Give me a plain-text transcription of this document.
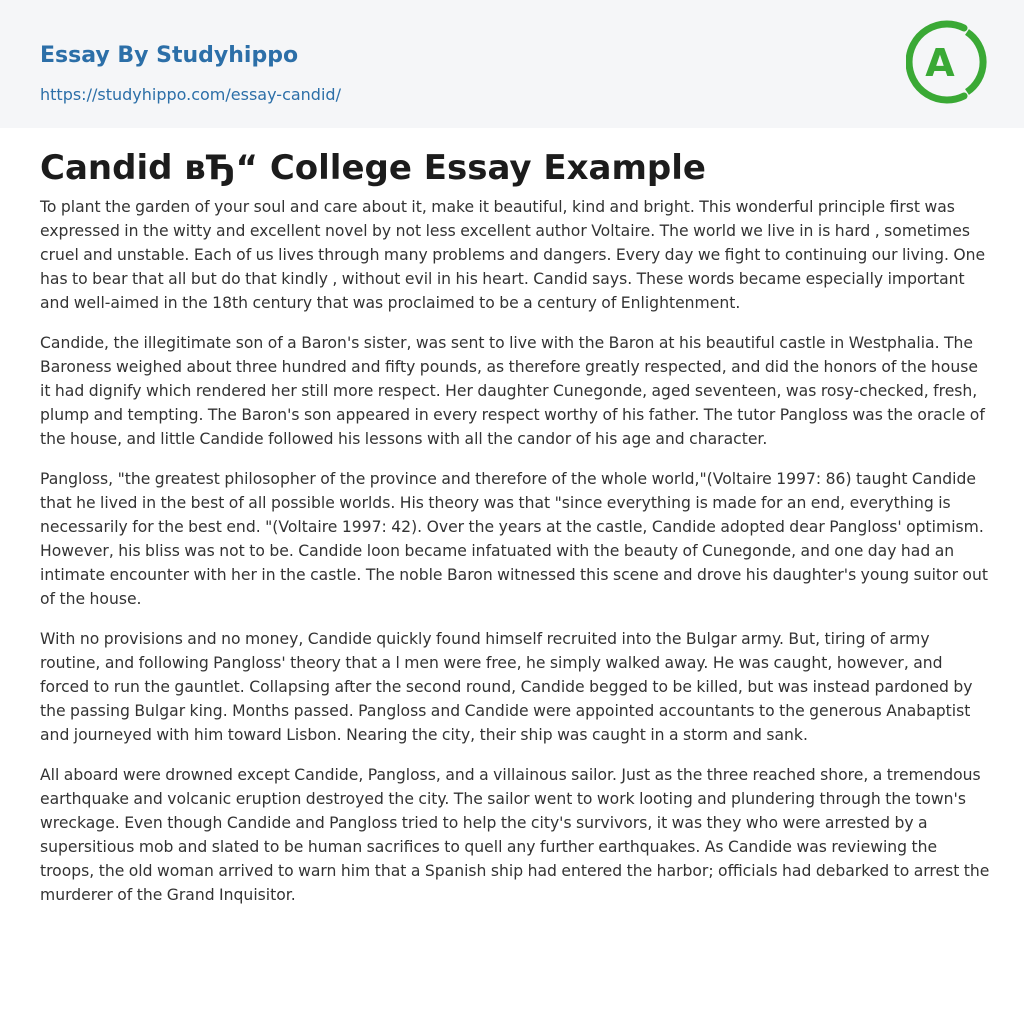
Essay By Studyhippo
https://studyhippo.com/essay-candid/
A
Candid вЂ“ College Essay Example

To plant the garden of your soul and care about it, make it beautiful, kind and bright. This wonderful principle first was expressed in the witty and excellent novel by not less excellent author Voltaire. The world we live in is hard , sometimes cruel and unstable. Each of us lives through many problems and dangers. Every day we fight to continuing our living. One has to bear that all but do that kindly , without evil in his heart. Candid says. These words became especially important and well-aimed in the 18th century that was proclaimed to be a century of Enlightenment.

Candide, the illegitimate son of a Baron's sister, was sent to live with the Baron at his beautiful castle in Westphalia. The Baroness weighed about three hundred and fifty pounds, as therefore greatly respected, and did the honors of the house it had dignify which rendered her still more respect. Her daughter Cunegonde, aged seventeen, was rosy-checked, fresh, plump and tempting. The Baron's son appeared in every respect worthy of his father. The tutor Pangloss was the oracle of the house, and little Candide followed his lessons with all the candor of his age and character.

Pangloss, "the greatest philosopher of the province and therefore of the whole world,"(Voltaire 1997: 86) taught Candide that he lived in the best of all possible worlds. His theory was that "since everything is made for an end, everything is necessarily for the best end. "(Voltaire 1997: 42). Over the years at the castle, Candide adopted dear Pangloss' optimism. However, his bliss was not to be. Candide loon became infatuated with the beauty of Cunegonde, and one day had an intimate encounter with her in the castle. The noble Baron witnessed this scene and drove his daughter's young suitor out of the house.

With no provisions and no money, Candide quickly found himself recruited into the Bulgar army. But, tiring of army routine, and following Pangloss' theory that a l men were free, he simply walked away. He was caught, however, and forced to run the gauntlet. Collapsing after the second round, Candide begged to be killed, but was instead pardoned by the passing Bulgar king. Months passed. Pangloss and Candide were appointed accountants to the generous Anabaptist and journeyed with him toward Lisbon. Nearing the city, their ship was caught in a storm and sank.

All aboard were drowned except Candide, Pangloss, and a villainous sailor. Just as the three reached shore, a tremendous earthquake and volcanic eruption destroyed the city. The sailor went to work looting and plundering through the town's wreckage. Even though Candide and Pangloss tried to help the city's survivors, it was they who were arrested by a supersitious mob and slated to be human sacrifices to quell any further earthquakes. As Candide was reviewing the troops, the old woman arrived to warn him that a Spanish ship had entered the harbor; officials had debarked to arrest the murderer of the Grand Inquisitor.
